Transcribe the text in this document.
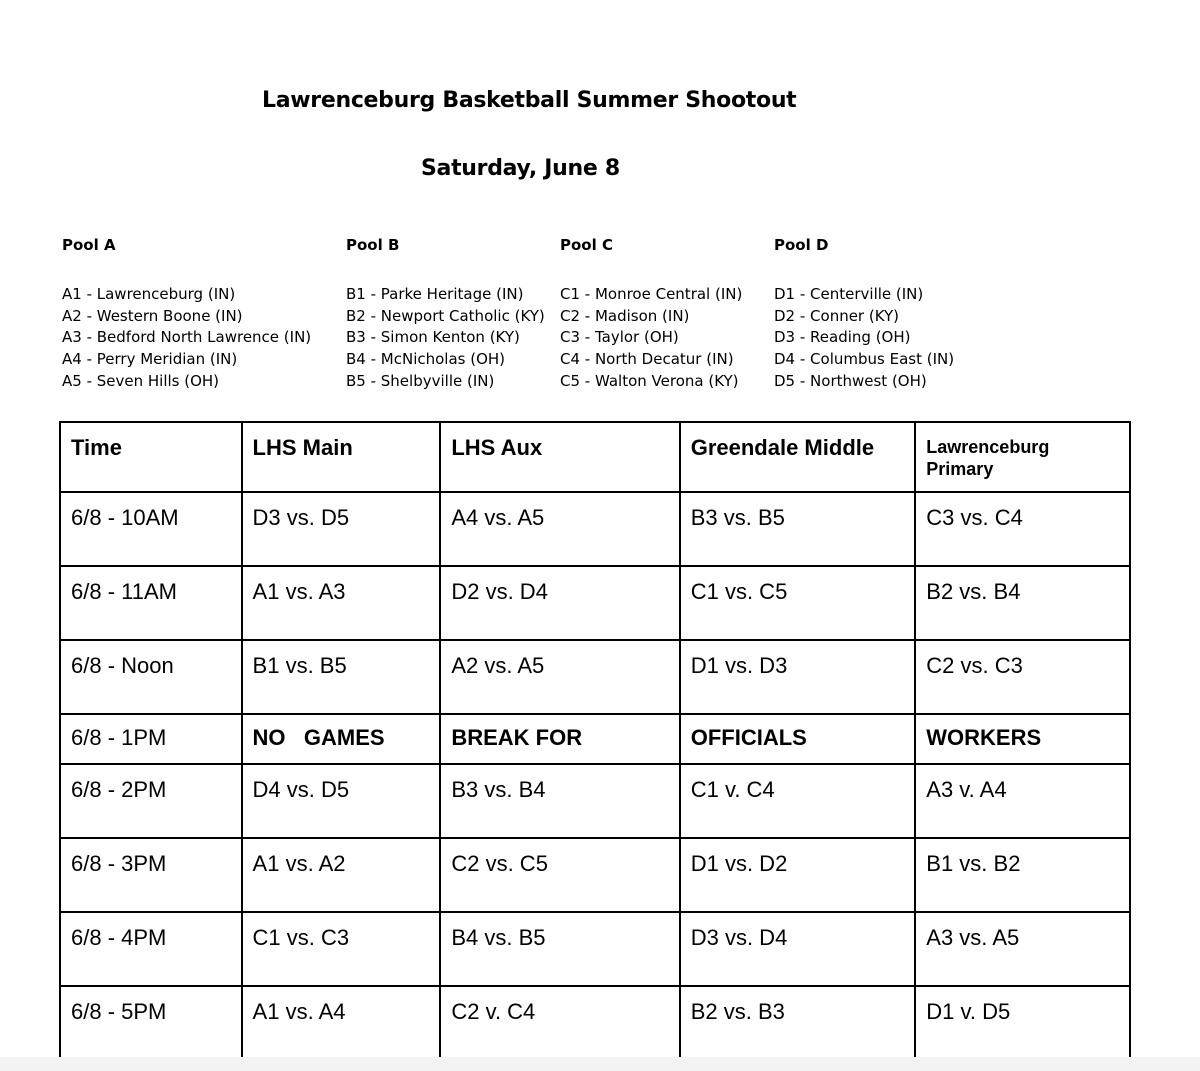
Lawrenceburg Basketball Summer Shootout
Saturday, June 8
Pool A
A1 - Lawrenceburg (IN)
A2 - Western Boone (IN)
A3 - Bedford North Lawrence (IN)
A4 - Perry Meridian (IN)
A5 - Seven Hills (OH)
Pool B
B1 - Parke Heritage (IN)
B2 - Newport Catholic (KY)
B3 - Simon Kenton (KY)
B4 - McNicholas (OH)
B5 - Shelbyville (IN)
Pool C
C1 - Monroe Central (IN)
C2 - Madison (IN)
C3 - Taylor (OH)
C4 - North Decatur (IN)
C5 - Walton Verona (KY)
Pool D
D1 - Centerville (IN)
D2 - Conner (KY)
D3 - Reading (OH)
D4 - Columbus East (IN)
D5 - Northwest (OH)
Time	LHS Main	LHS Aux	Greendale Middle	Lawrenceburg Primary
6/8 - 10AM	D3 vs. D5	A4 vs. A5	B3 vs. B5	C3 vs. C4
6/8 - 11AM	A1 vs. A3	D2 vs. D4	C1 vs. C5	B2 vs. B4
6/8 - Noon	B1 vs. B5	A2 vs. A5	D1 vs. D3	C2 vs. C3
6/8 - 1PM	NO   GAMES	BREAK FOR	OFFICIALS	WORKERS
6/8 - 2PM	D4 vs. D5	B3 vs. B4	C1 v. C4	A3 v. A4
6/8 - 3PM	A1 vs. A2	C2 vs. C5	D1 vs. D2	B1 vs. B2
6/8 - 4PM	C1 vs. C3	B4 vs. B5	D3 vs. D4	A3 vs. A5
6/8 - 5PM	A1 vs. A4	C2 v. C4	B2 vs. B3	D1 v. D5
